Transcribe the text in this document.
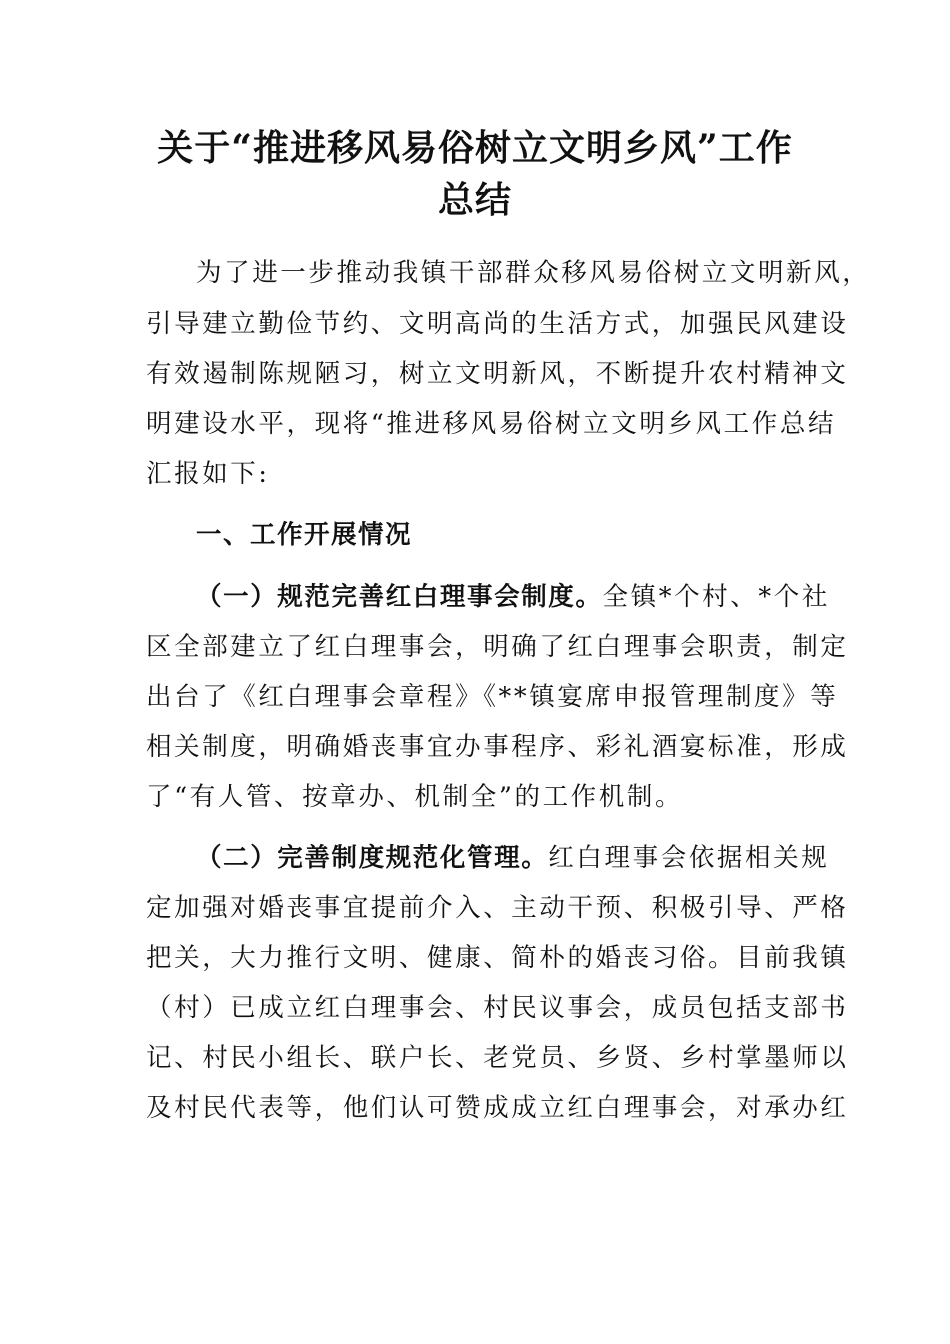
关于“推进移风易俗树立文明乡风”工作
总结
为了进一步推动我镇干部群众移风易俗树立文明新风，
引导建立勤俭节约、文明高尚的生活方式，加强民风建设
有效遏制陈规陋习，树立文明新风，不断提升农村精神文
明建设水平，现将“推进移风易俗树立文明乡风工作总结
汇报如下:
一、工作开展情况
（一）规范完善红白理事会制度。全镇*个村、*个社
区全部建立了红白理事会，明确了红白理事会职责，制定
出台了《红白理事会章程》《**镇宴席申报管理制度》等
相关制度，明确婚丧事宜办事程序、彩礼酒宴标准，形成
了“有人管、按章办、机制全”的工作机制。
（二）完善制度规范化管理。红白理事会依据相关规
定加强对婚丧事宜提前介入、主动干预、积极引导、严格
把关，大力推行文明、健康、简朴的婚丧习俗。目前我镇
（村）已成立红白理事会、村民议事会，成员包括支部书
记、村民小组长、联户长、老党员、乡贤、乡村掌墨师以
及村民代表等，他们认可赞成成立红白理事会，对承办红
